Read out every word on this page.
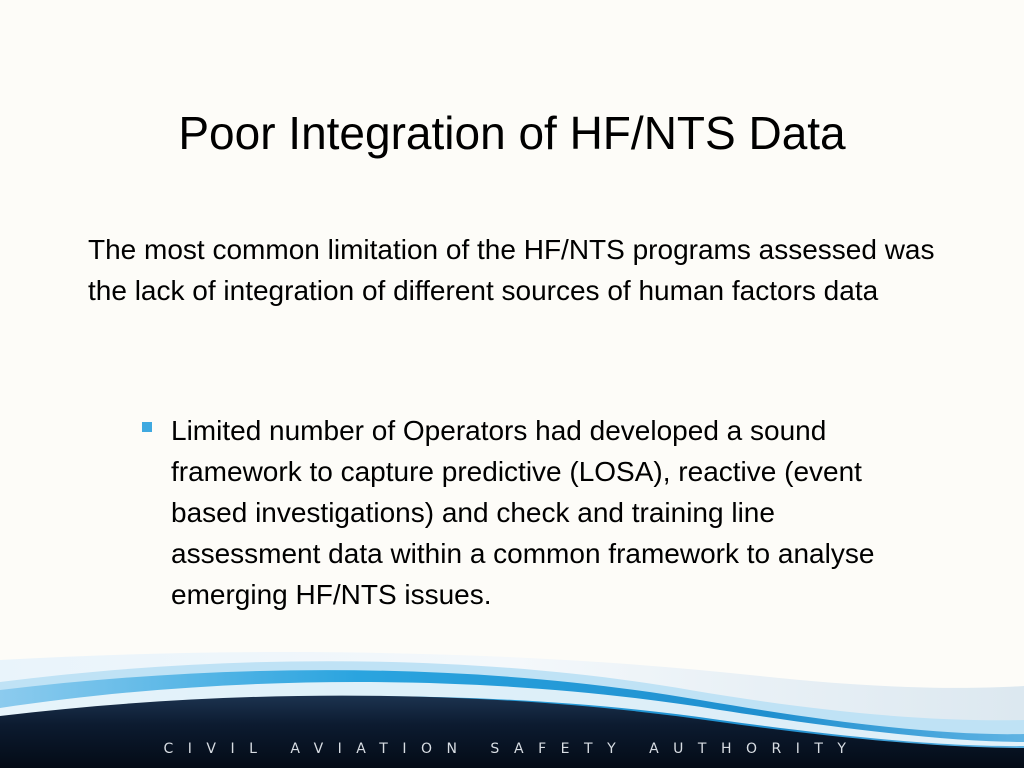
Poor Integration of HF/NTS Data

The most common limitation of the HF/NTS programs assessed was the lack of integration of different sources of human factors data

Limited number of Operators had developed a sound framework to capture predictive (LOSA), reactive (event based investigations) and check and training line assessment data within a common framework to analyse emerging HF/NTS issues.
CIVIL AVIATION SAFETY AUTHORITY
